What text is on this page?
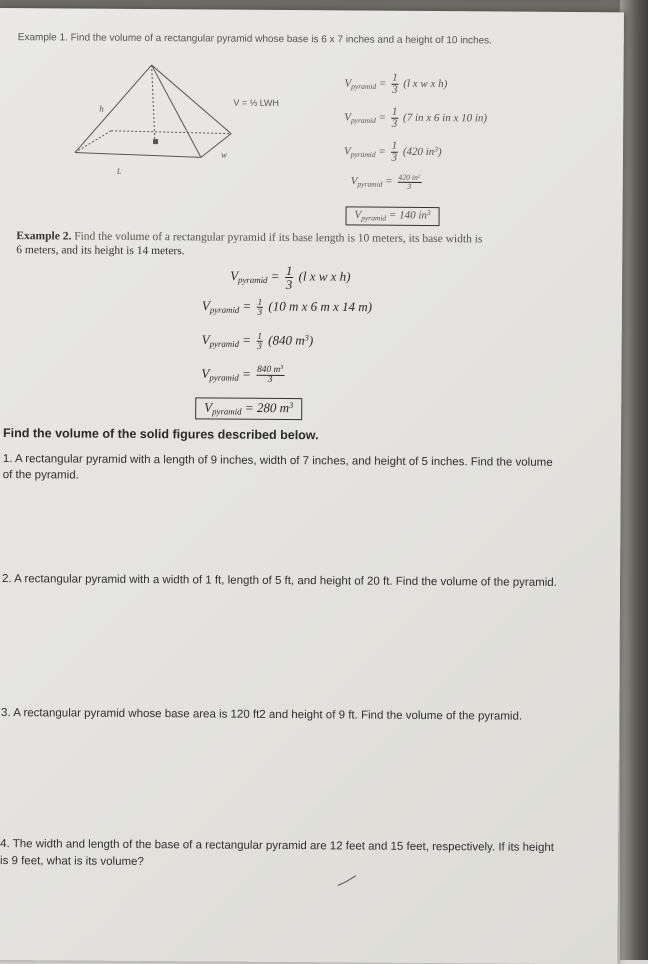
Example 1. Find the volume of a rectangular pyramid whose base is 6 x 7 inches and a height of 10 inches.
h
w
L
V = ⅓ LWH
$V_{pyramid} = \frac{1}{3} (l$ x w x h)
$V_{pyramid} = \frac{1}{3} (7$ in x 6 in x 10 in)
$V_{pyramid} = \frac{1}{3} (420$ $in^3$)
$V_{pyramid} = \frac{420 in^2}{3}$
$V_{pyramid} = 140$ $in^3$
Example 2. Find the volume of a rectangular pyramid if its base length is 10 meters, its base width is
6 meters, and its height is 14 meters.
$V_{pyramid} = \frac{1}{3} (l$ x w x h)
$V_{pyramid} = \frac{1}{3} (10$ m x 6 m x 14 m)
$V_{pyramid} = \frac{1}{3} (840$ $m^3$)
$V_{pyramid} = \frac{840 m^3}{3}$
$V_{pyramid} = 280$ $m^3$
Find the volume of the solid figures described below.
1. A rectangular pyramid with a length of 9 inches, width of 7 inches, and height of 5 inches. Find the volume
of the pyramid.
2. A rectangular pyramid with a width of 1 ft, length of 5 ft, and height of 20 ft. Find the volume of the pyramid.
3. A rectangular pyramid whose base area is 120 ft2 and height of 9 ft. Find the volume of the pyramid.
4. The width and length of the base of a rectangular pyramid are 12 feet and 15 feet, respectively. If its height
is 9 feet, what is its volume?
